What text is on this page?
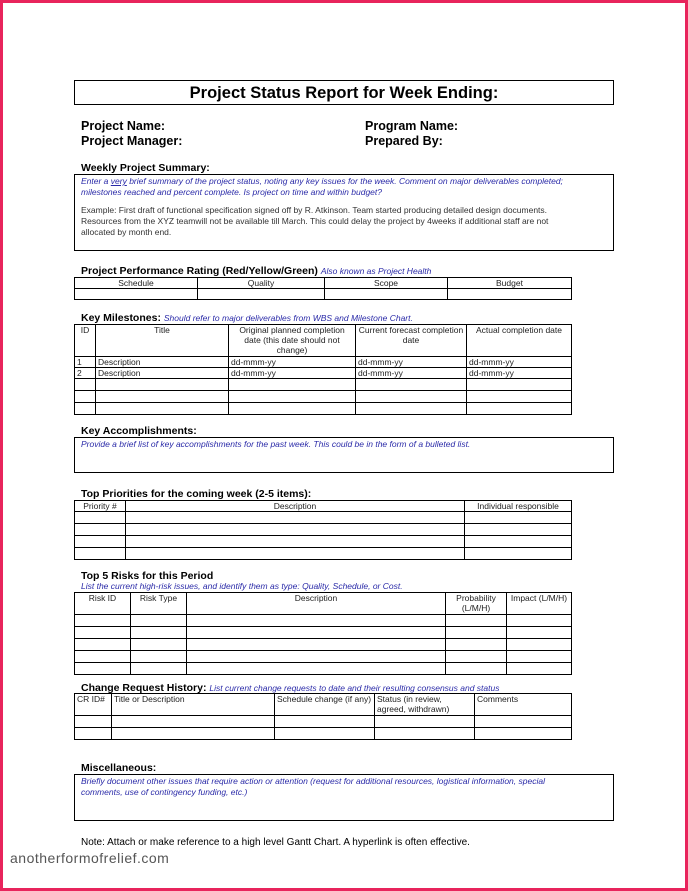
Project Status Report for Week Ending:
Project Name:
Project Manager:
Program Name:
Prepared By:
Weekly Project Summary:
Enter a very brief summary of the project status, noting any key issues for the week. Comment on major deliverables completed;
milestones reached and percent complete. Is project on time and within budget?
Example: First draft of functional specification signed off by R. Atkinson. Team started producing detailed design documents.
Resources from the XYZ teamwill not be available till March. This could delay the project by 4weeks if additional staff are not
allocated by month end.
Project Performance Rating (Red/Yellow/Green) Also known as Project Health
Schedule	Quality	Scope	Budget

Key Milestones: Should refer to major deliverables from WBS and Milestone Chart.
ID	Title	Original planned completion date (this date should not change)	Current forecast completion date	Actual completion date
1	Description	dd-mmm-yy	dd-mmm-yy	dd-mmm-yy
2	Description	dd-mmm-yy	dd-mmm-yy	dd-mmm-yy

Key Accomplishments:
Provide a brief list of key accomplishments for the past week. This could be in the form of a bulleted list.
Top Priorities for the coming week (2-5 items):
Priority #	Description	Individual responsible

Top 5 Risks for this Period
List the current high-risk issues, and identify them as type: Quality, Schedule, or Cost.
Risk ID	Risk Type	Description	Probability (L/M/H)	Impact (L/M/H)

Change Request History: List current change requests to date and their resulting consensus and status
CR ID#	Title or Description	Schedule change (if any)	Status (in review, agreed, withdrawn)	Comments

Miscellaneous:
Briefly document other issues that require action or attention (request for additional resources, logistical information, special
comments, use of contingency funding, etc.)
Note: Attach or make reference to a high level Gantt Chart. A hyperlink is often effective.
anotherformofrelief.com
